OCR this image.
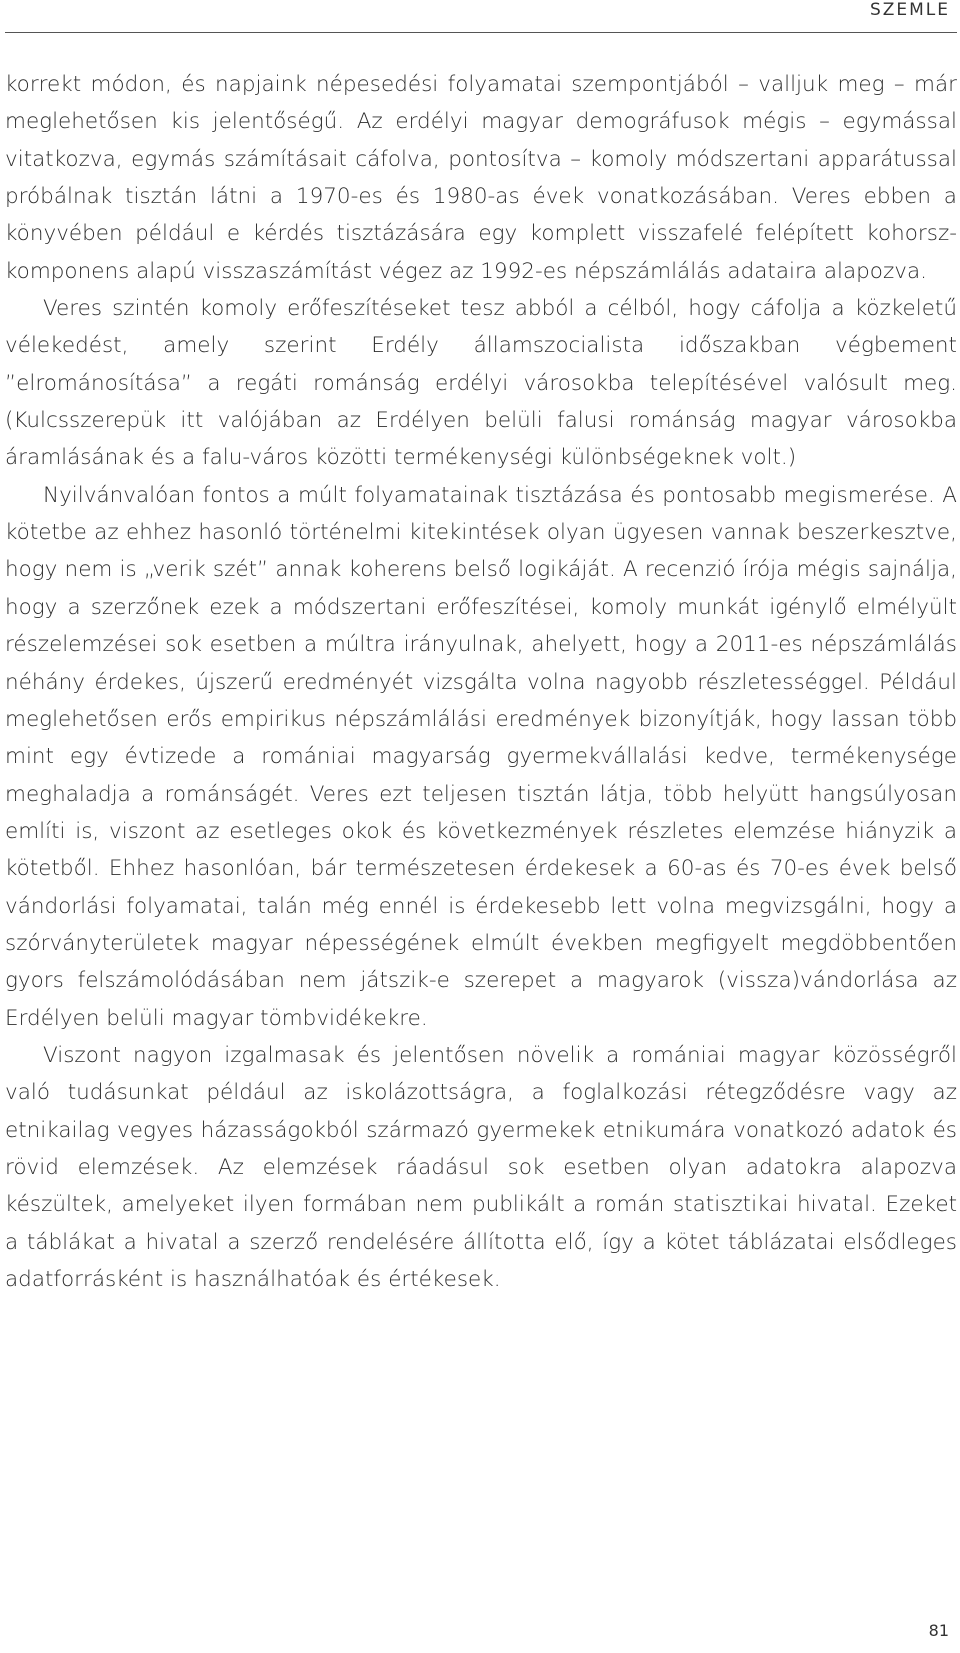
SZEMLE

korrekt módon, és napjaink népesedési folyamatai szempontjából – valljuk meg – már meglehetősen kis jelentőségű. Az erdélyi magyar demográfusok mégis – egymással vitatkozva, egymás számításait cáfolva, pontosítva – komoly módszertani apparátussal próbálnak tisztán látni a 1970-es és 1980-as évek vonatkozásában. Veres ebben a könyvében például e kérdés tisztázására egy komplett visszafelé felépített kohorsz-komponens alapú visszaszámítást végez az 1992-es népszámlálás adataira alapozva.

Veres szintén komoly erőfeszítéseket tesz abból a célból, hogy cáfolja a közkeletű vélekedést, amely szerint Erdély államszocialista időszakban végbement ”elrománosítása” a regáti románság erdélyi városokba telepítésével valósult meg. (Kulcsszerepük itt valójában az Erdélyen belüli falusi románság magyar városokba áramlásának és a falu-város közötti termékenységi különbségeknek volt.)

Nyilvánvalóan fontos a múlt folyamatainak tisztázása és pontosabb megismerése. A kötetbe az ehhez hasonló történelmi kitekintések olyan ügyesen vannak beszerkesztve, hogy nem is „verik szét” annak koherens belső logikáját. A recenzió írója mégis sajnálja, hogy a szerzőnek ezek a módszertani erőfeszítései, komoly munkát igénylő elmélyült részelemzései sok esetben a múltra irányulnak, ahelyett, hogy a 2011-es népszámlálás néhány érdekes, újszerű eredményét vizsgálta volna nagyobb részletességgel. Például meglehetősen erős empirikus népszámlálási eredmények bizonyítják, hogy lassan több mint egy évtizede a romániai magyarság gyermekvállalási kedve, termékenysége meghaladja a románságét. Veres ezt teljesen tisztán látja, több helyütt hangsúlyosan említi is, viszont az esetleges okok és következmények részletes elemzése hiányzik a kötetből. Ehhez hasonlóan, bár természetesen érdekesek a 60-as és 70-es évek belső vándorlási folyamatai, talán még ennél is érdekesebb lett volna megvizsgálni, hogy a szórványterületek magyar népességének elmúlt években megfigyelt megdöbbentően gyors felszámolódásában nem játszik-e szerepet a magyarok (vissza)vándorlása az Erdélyen belüli magyar tömbvidékekre.

Viszont nagyon izgalmasak és jelentősen növelik a romániai magyar közösségről való tudásunkat például az iskolázottságra, a foglalkozási rétegződésre vagy az etnikailag vegyes házasságokból származó gyermekek etnikumára vonatkozó adatok és rövid elemzések. Az elemzések ráadásul sok esetben olyan adatokra alapozva készültek, amelyeket ilyen formában nem publikált a román statisztikai hivatal. Ezeket a táblákat a hivatal a szerző rendelésére állította elő, így a kötet táblázatai elsődleges adatforrásként is használhatóak és értékesek.

81
